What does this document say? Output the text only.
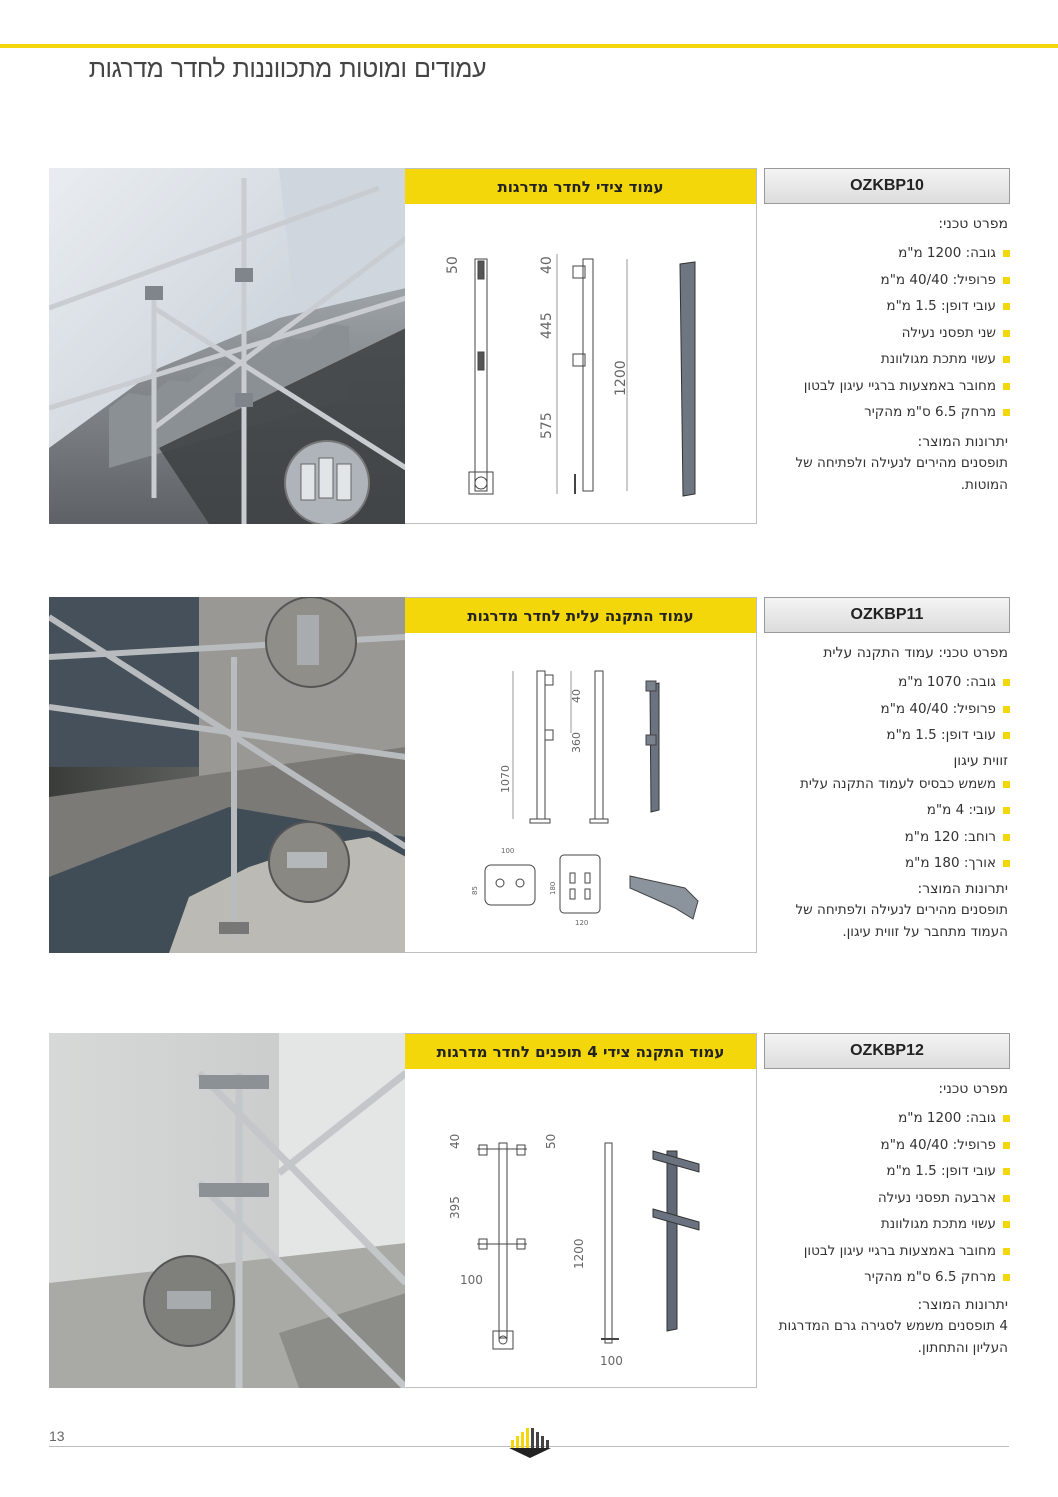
עמודים ומוטות מתכווננות לחדר מדרגות
עמוד צידי לחדר מדרגות
50	40
445
575
1200
OZKBP10
מפרט טכני:
גובה: 1200 מ"מ
פרופיל: 40/40 מ"מ
עובי דופן: 1.5 מ"מ
שני תפסני נעילה
עשוי מתכת מגולוונת
מחובר באמצעות ברגיי עיגון לבטון
מרחק 6.5 ס"מ מהקיר
יתרונות המוצר:
תופסנים מהירים לנעילה ולפתיחה של המוטות.
עמוד התקנה עלית לחדר מדרגות
40
360
1070
100
85	180
120
OZKBP11
מפרט טכני: עמוד התקנה עלית
גובה: 1070 מ"מ
פרופיל: 40/40 מ"מ
עובי דופן: 1.5 מ"מ
זווית עיגון
משמש כבסיס לעמוד התקנה עלית
עובי: 4 מ"מ
רוחב: 120 מ"מ
אורך: 180 מ"מ
יתרונות המוצר:
תופסנים מהירים לנעילה ולפתיחה של העמוד מתחבר על זווית עיגון.
עמוד התקנה צידי 4 תופנים לחדר מדרגות
40	50
395
100
1200
100
OZKBP12
מפרט טכני:
גובה: 1200 מ"מ
פרופיל: 40/40 מ"מ
עובי דופן: 1.5 מ"מ
ארבעה תפסני נעילה
עשוי מתכת מגולוונת
מחובר באמצעות ברגיי עיגון לבטון
מרחק 6.5 ס"מ מהקיר
יתרונות המוצר:
4 תופסנים משמש לסגירה גרם המדרגות העליון והתחתון.
13
